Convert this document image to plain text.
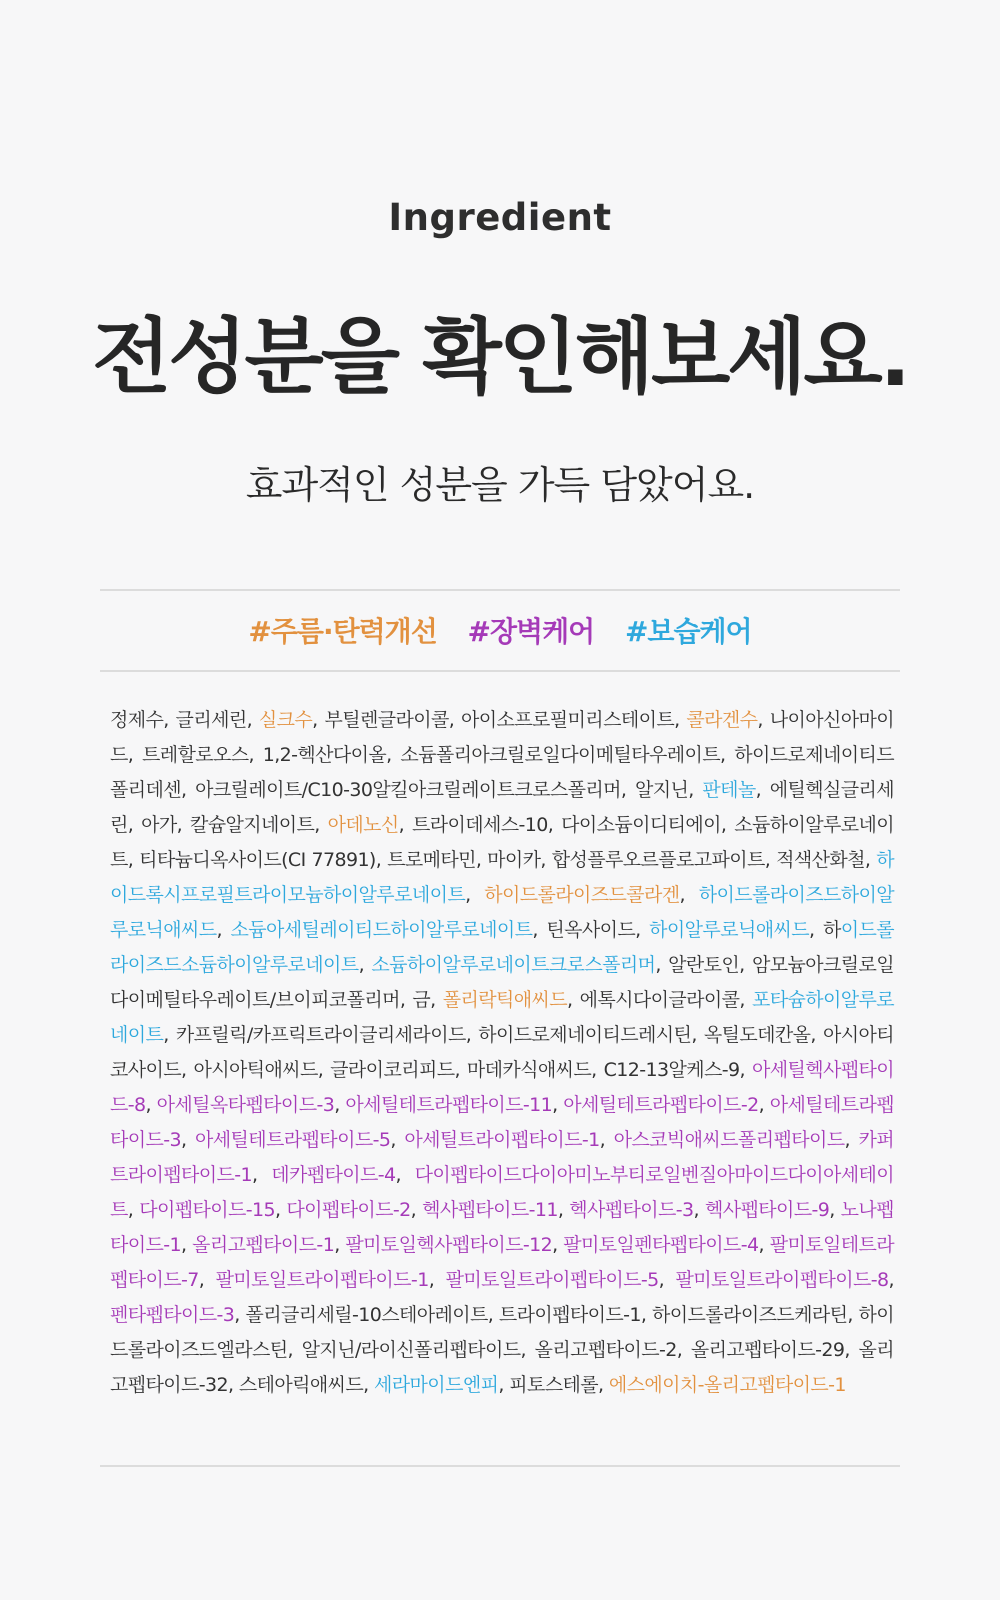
Ingredient
전성분을 확인해보세요.
효과적인 성분을 가득 담았어요.
#주름·탄력개선 #장벽케어 #보습케어
정제수, 글리세린, 실크수, 부틸렌글라이콜, 아이소프로필미리스테이트, 콜라겐수, 나이아신아마이드, 트레할로오스, 1,2-헥산다이올, 소듐폴리아크릴로일다이메틸타우레이트, 하이드로제네이티드폴리데센, 아크릴레이트/C10-30알킬아크릴레이트크로스폴리머, 알지닌, 판테놀, 에틸헥실글리세린, 아가, 칼슘알지네이트, 아데노신, 트라이데세스-10, 다이소듐이디티에이, 소듐하이알루로네이트, 티타늄디옥사이드(CI 77891), 트로메타민, 마이카, 합성플루오르플로고파이트, 적색산화철, 하이드록시프로필트라이모늄하이알루로네이트, 하이드롤라이즈드콜라겐, 하이드롤라이즈드하이알루로닉애씨드, 소듐아세틸레이티드하이알루로네이트, 틴옥사이드, 하이알루로닉애씨드, 하이드롤라이즈드소듐하이알루로네이트, 소듐하이알루로네이트크로스폴리머, 알란토인, 암모늄아크릴로일다이메틸타우레이트/브이피코폴리머, 금, 폴리락틱애씨드, 에톡시다이글라이콜, 포타슘하이알루로네이트, 카프릴릭/카프릭트라이글리세라이드, 하이드로제네이티드레시틴, 옥틸도데칸올, 아시아티코사이드, 아시아틱애씨드, 글라이코리피드, 마데카식애씨드, C12-13알케스-9, 아세틸헥사펩타이드-8, 아세틸옥타펩타이드-3, 아세틸테트라펩타이드-11, 아세틸테트라펩타이드-2, 아세틸테트라펩타이드-3, 아세틸테트라펩타이드-5, 아세틸트라이펩타이드-1, 아스코빅애씨드폴리펩타이드, 카퍼트라이펩타이드-1, 데카펩타이드-4, 다이펩타이드다이아미노부티로일벤질아마이드다이아세테이트, 다이펩타이드-15, 다이펩타이드-2, 헥사펩타이드-11, 헥사펩타이드-3, 헥사펩타이드-9, 노나펩타이드-1, 올리고펩타이드-1, 팔미토일헥사펩타이드-12, 팔미토일펜타펩타이드-4, 팔미토일테트라펩타이드-7, 팔미토일트라이펩타이드-1, 팔미토일트라이펩타이드-5, 팔미토일트라이펩타이드-8, 펜타펩타이드-3, 폴리글리세릴-10스테아레이트, 트라이펩타이드-1, 하이드롤라이즈드케라틴, 하이드롤라이즈드엘라스틴, 알지닌/라이신폴리펩타이드, 올리고펩타이드-2, 올리고펩타이드-29, 올리고펩타이드-32, 스테아릭애씨드, 세라마이드엔피, 피토스테롤, 에스에이치-올리고펩타이드-1
